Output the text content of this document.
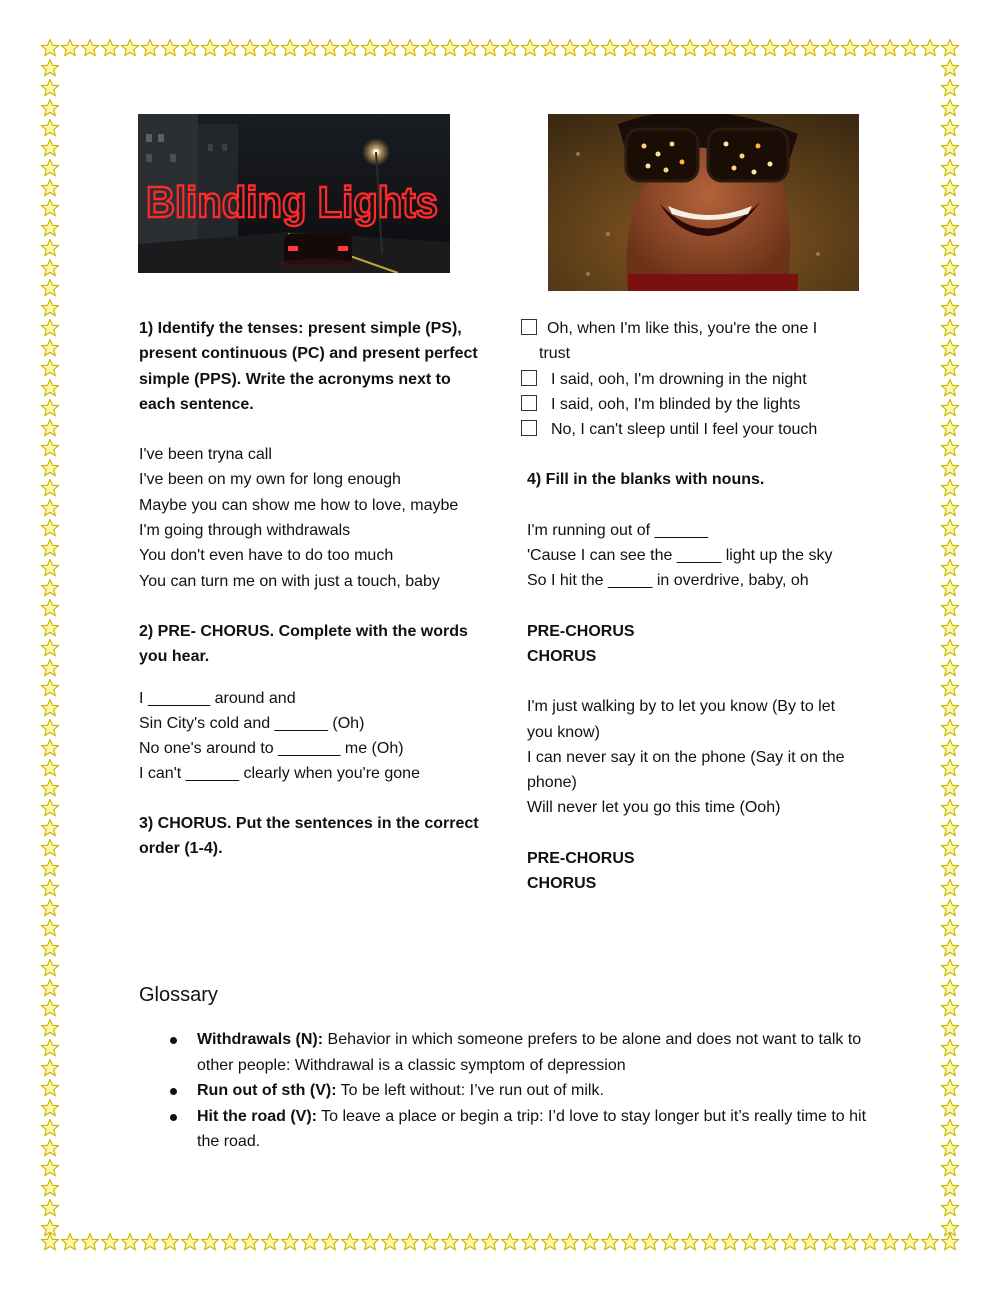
Blinding Lights

1) Identify the tenses: present simple (PS),

present continuous (PC) and present perfect

simple (PPS). Write the acronyms next to

each sentence.

I've been tryna call

I've been on my own for long enough

Maybe you can show me how to love, maybe

I'm going through withdrawals

You don't even have to do too much

You can turn me on with just a touch, baby

2) PRE- CHORUS. Complete with the words

you hear.

I _______ around and

Sin City's cold and ______ (Oh)

No one's around to _______ me (Oh)

I can't ______ clearly when you're gone

3) CHORUS. Put the sentences in the correct

order (1-4).

Oh, when I'm like this, you're the one I

trust

I said, ooh, I'm drowning in the night

I said, ooh, I'm blinded by the lights

No, I can't sleep until I feel your touch

4) Fill in the blanks with nouns.

I'm running out of ______

'Cause I can see the _____ light up the sky

So I hit the _____ in overdrive, baby, oh

PRE-CHORUS

CHORUS

I'm just walking by to let you know (By to let

you know)

I can never say it on the phone (Say it on the

phone)

Will never let you go this time (Ooh)

PRE-CHORUS

CHORUS

Glossary
Withdrawals (N): Behavior in which someone prefers to be alone and does not want to talk to other people: Withdrawal is a classic symptom of depression
Run out of sth (V): To be left without: I’ve run out of milk.
Hit the road (V): To leave a place or begin a trip: I’d love to stay longer but it’s really time to hit the road.
